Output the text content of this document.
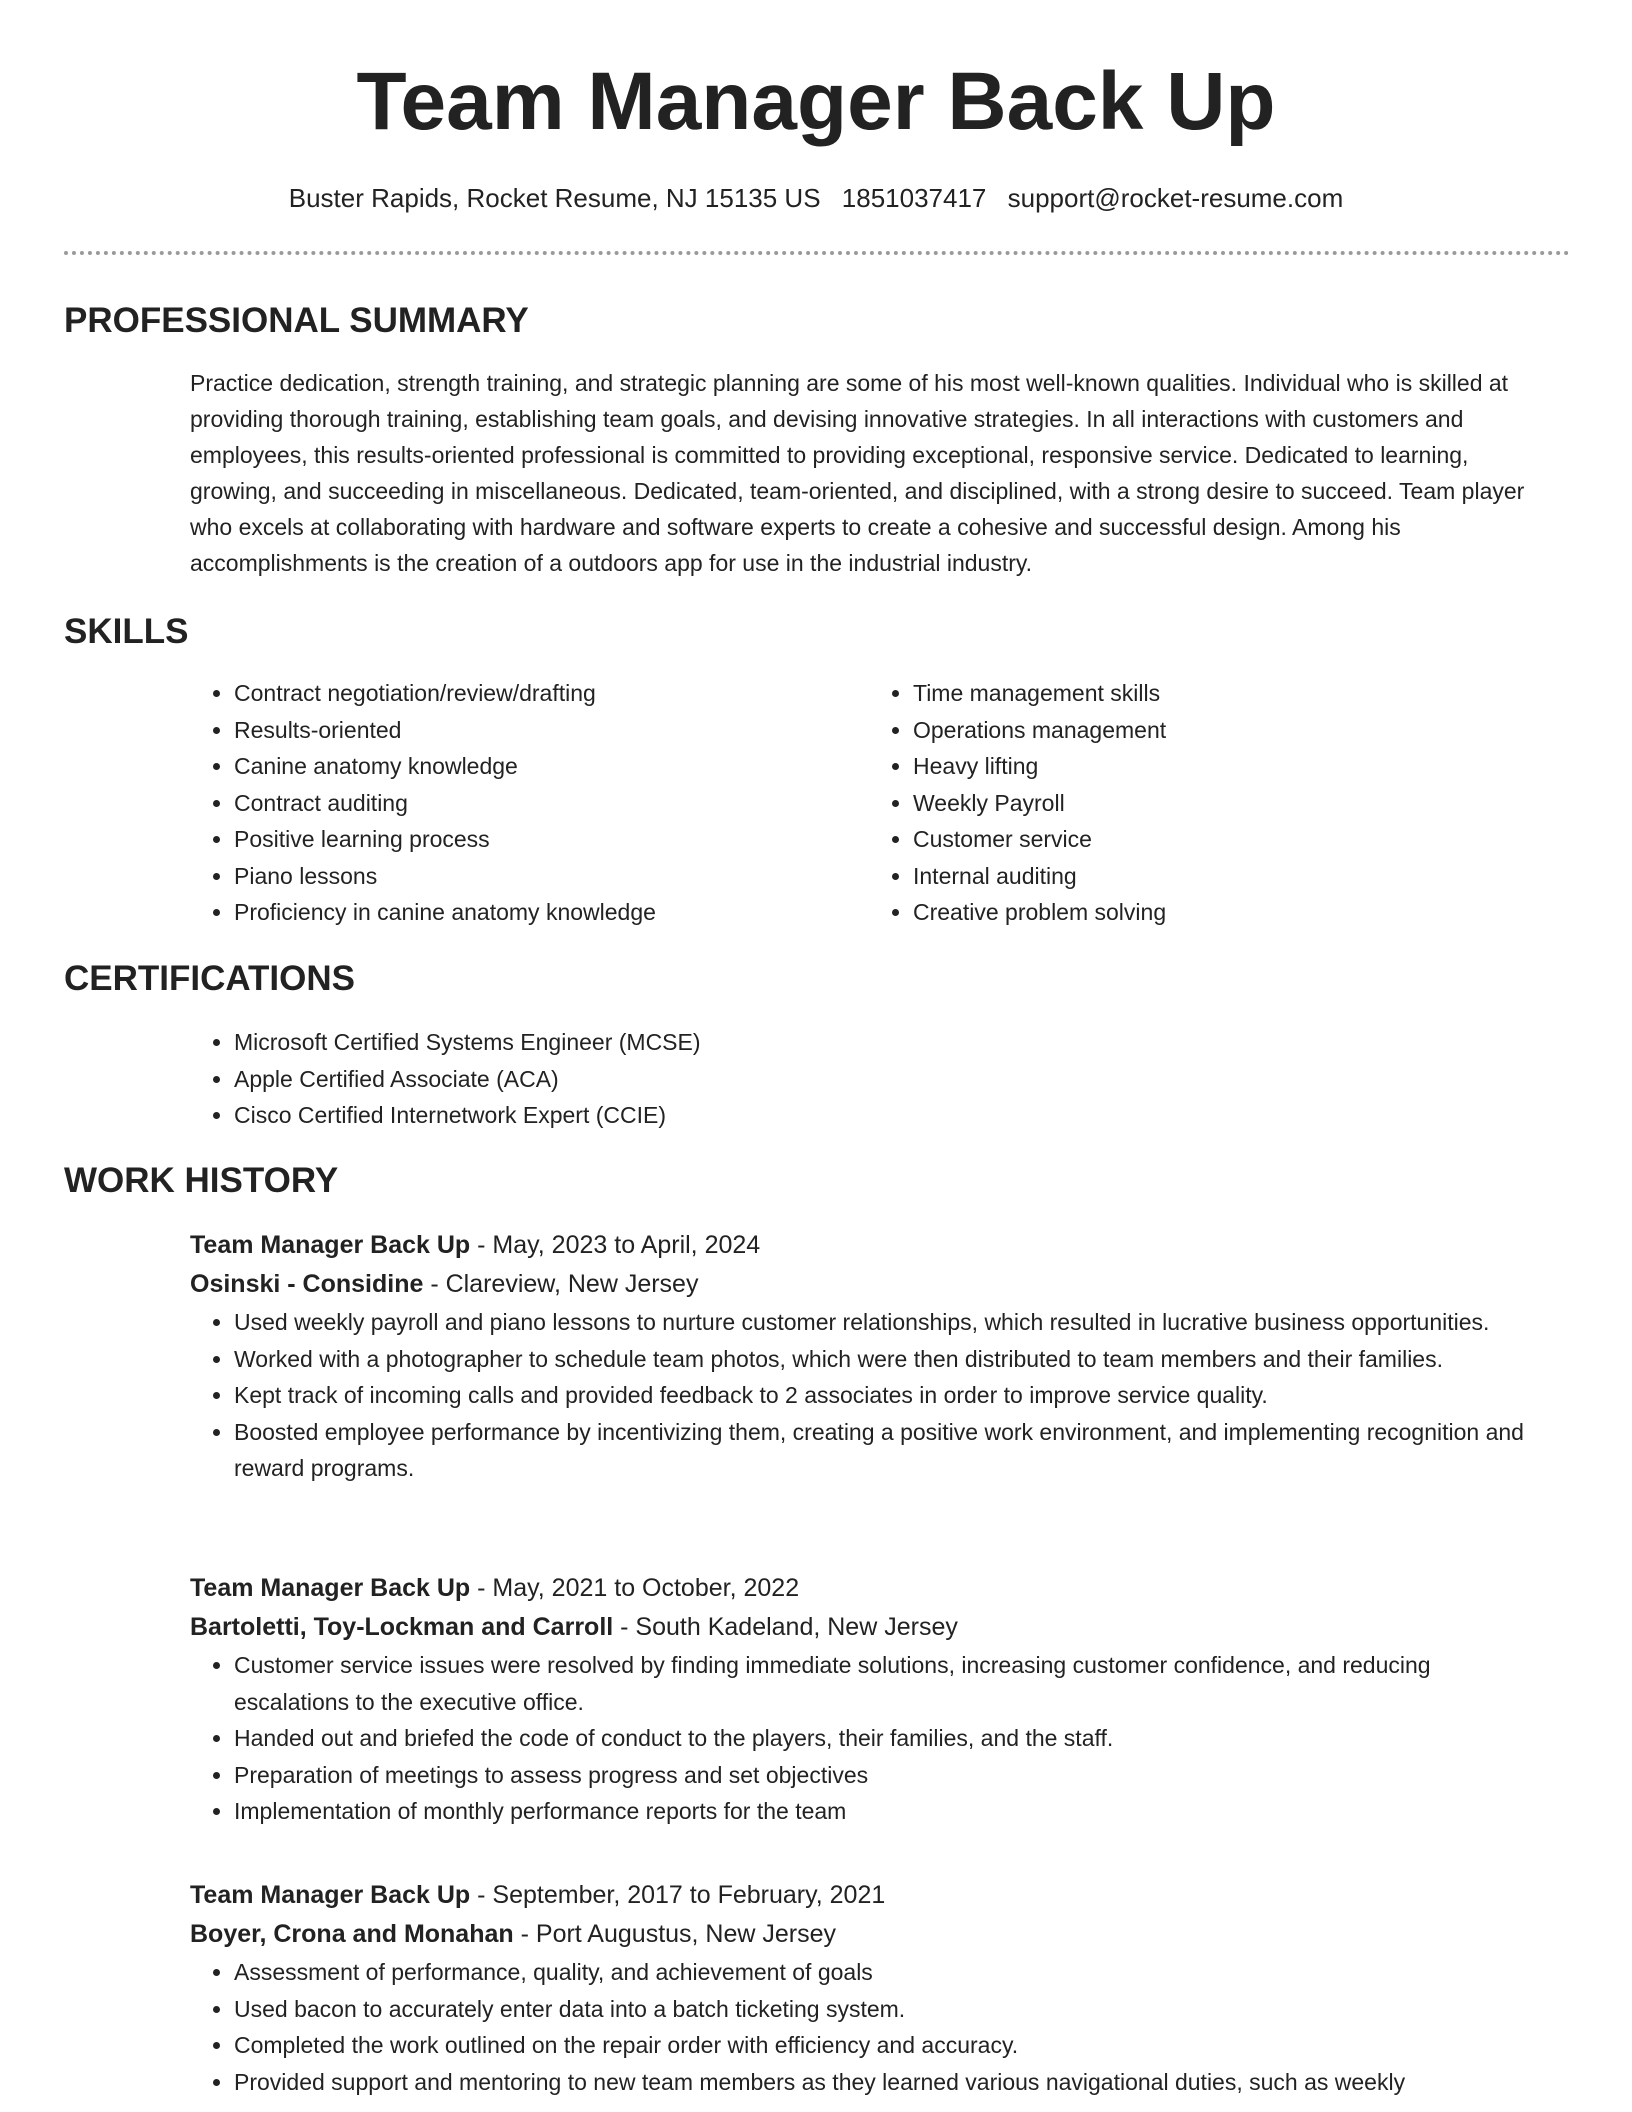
Team Manager Back Up
Buster Rapids, Rocket Resume, NJ 15135 US 1851037417 support@rocket-resume.com
PROFESSIONAL SUMMARY

Practice dedication, strength training, and strategic planning are some of his most well-known qualities. Individual who is skilled at providing thorough training, establishing team goals, and devising innovative strategies. In all interactions with customers and employees, this results-oriented professional is committed to providing exceptional, responsive service. Dedicated to learning, growing, and succeeding in miscellaneous. Dedicated, team-oriented, and disciplined, with a strong desire to succeed. Team player who excels at collaborating with hardware and software experts to create a cohesive and successful design. Among his accomplishments is the creation of a outdoors app for use in the industrial industry.

SKILLS
• Contract negotiation/review/drafting
• Results-oriented
• Canine anatomy knowledge
• Contract auditing
• Positive learning process
• Piano lessons
• Proficiency in canine anatomy knowledge
• Time management skills
• Operations management
• Heavy lifting
• Weekly Payroll
• Customer service
• Internal auditing
• Creative problem solving
CERTIFICATIONS
• Microsoft Certified Systems Engineer (MCSE)
• Apple Certified Associate (ACA)
• Cisco Certified Internetwork Expert (CCIE)
WORK HISTORY

Team Manager Back Up - May, 2023 to April, 2024

Osinski - Considine - Clareview, New Jersey

• Used weekly payroll and piano lessons to nurture customer relationships, which resulted in lucrative business opportunities.
• Worked with a photographer to schedule team photos, which were then distributed to team members and their families.
• Kept track of incoming calls and provided feedback to 2 associates in order to improve service quality.
• Boosted employee performance by incentivizing them, creating a positive work environment, and implementing recognition and reward programs.

Team Manager Back Up - May, 2021 to October, 2022

Bartoletti, Toy-Lockman and Carroll - South Kadeland, New Jersey

• Customer service issues were resolved by finding immediate solutions, increasing customer confidence, and reducing escalations to the executive office.
• Handed out and briefed the code of conduct to the players, their families, and the staff.
• Preparation of meetings to assess progress and set objectives
• Implementation of monthly performance reports for the team

Team Manager Back Up - September, 2017 to February, 2021

Boyer, Crona and Monahan - Port Augustus, New Jersey

• Assessment of performance, quality, and achievement of goals
• Used bacon to accurately enter data into a batch ticketing system.
• Completed the work outlined on the repair order with efficiency and accuracy.
• Provided support and mentoring to new team members as they learned various navigational duties, such as weekly
